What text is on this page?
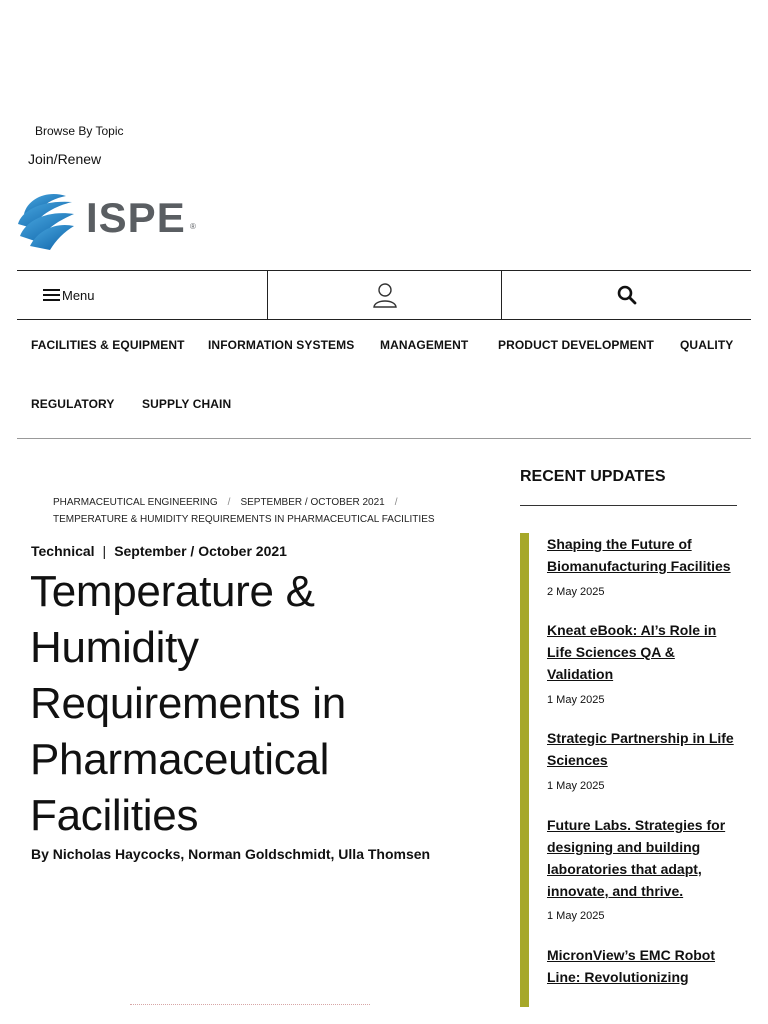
Browse By Topic
Join/Renew
ISPE ®
Menu
FACILITIES & EQUIPMENT INFORMATION SYSTEMS MANAGEMENT PRODUCT DEVELOPMENT QUALITY
REGULATORY SUPPLY CHAIN
PHARMACEUTICAL ENGINEERING / SEPTEMBER / OCTOBER 2021 /
TEMPERATURE & HUMIDITY REQUIREMENTS IN PHARMACEUTICAL FACILITIES
Technical | September / October 2021
Temperature & Humidity Requirements in Pharmaceutical Facilities
By Nicholas Haycocks, Norman Goldschmidt, Ulla Thomsen
RECENT UPDATES
Shaping the Future of Biomanufacturing Facilities
2 May 2025
Kneat eBook: AI’s Role in Life Sciences QA & Validation
1 May 2025
Strategic Partnership in Life Sciences
1 May 2025
Future Labs. Strategies for designing and building laboratories that adapt, innovate, and thrive.
1 May 2025
MicronView’s EMC Robot Line: Revolutionizing
